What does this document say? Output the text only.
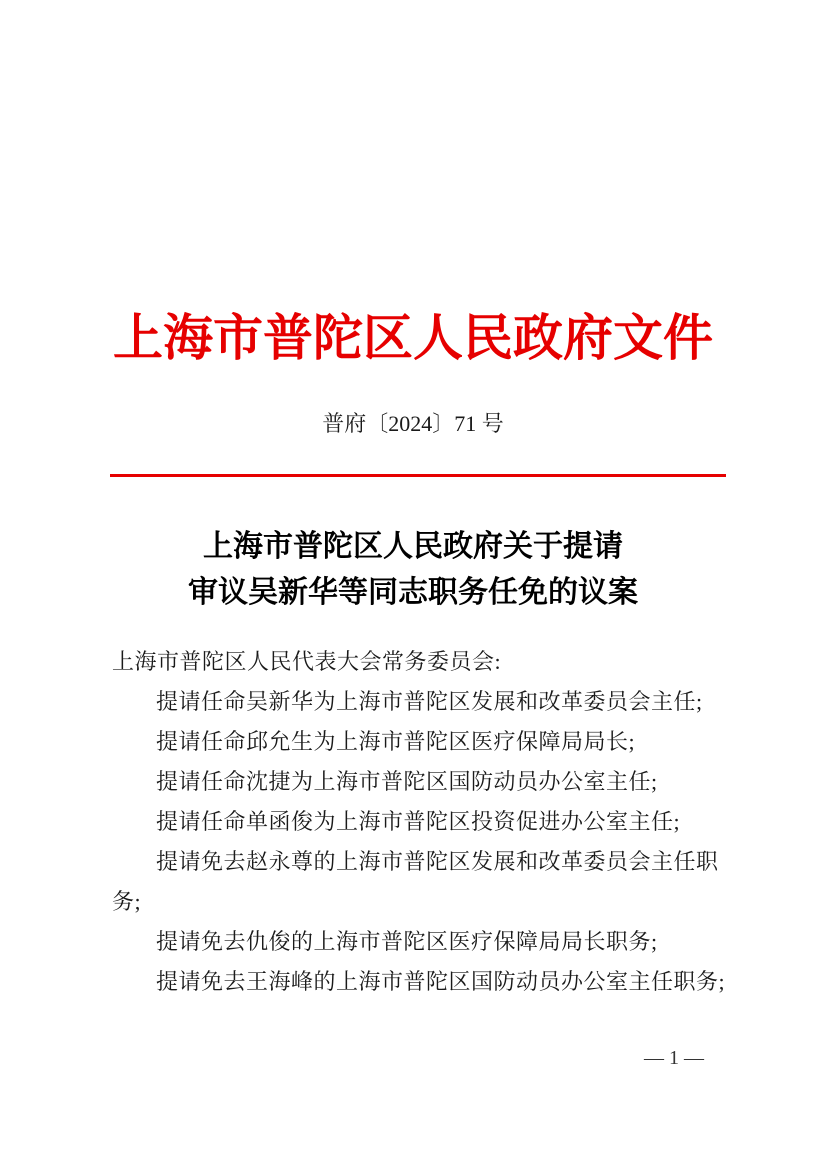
上海市普陀区人民政府文件
普府〔2024〕71 号
上海市普陀区人民政府关于提请
审议吴新华等同志职务任免的议案
上海市普陀区人民代表大会常务委员会:
提请任命吴新华为上海市普陀区发展和改革委员会主任;
提请任命邱允生为上海市普陀区医疗保障局局长;
提请任命沈捷为上海市普陀区国防动员办公室主任;
提请任命单函俊为上海市普陀区投资促进办公室主任;
提请免去赵永尊的上海市普陀区发展和改革委员会主任职
务;
提请免去仇俊的上海市普陀区医疗保障局局长职务;
提请免去王海峰的上海市普陀区国防动员办公室主任职务;
— 1 —
